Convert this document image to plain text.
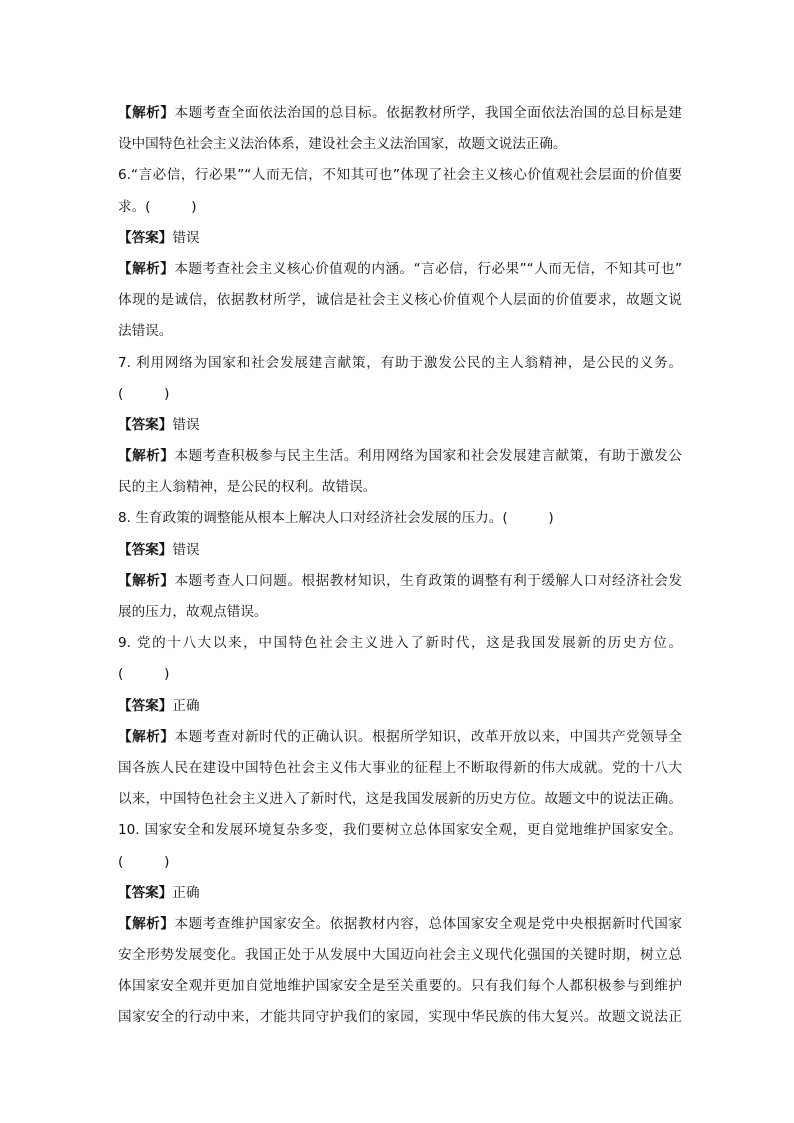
【解析】本题考查全面依法治国的总目标。依据教材所学，我国全面依法治国的总目标是建
设中国特色社会主义法治体系，建设社会主义法治国家，故题文说法正确。
6.“言必信，行必果”“人而无信，不知其可也”体现了社会主义核心价值观社会层面的价值要
求。(　　　)
【答案】错误
【解析】本题考查社会主义核心价值观的内涵。“言必信，行必果”“人而无信，不知其可也”
体现的是诚信，依据教材所学，诚信是社会主义核心价值观个人层面的价值要求，故题文说
法错误。
7. 利用网络为国家和社会发展建言献策，有助于激发公民的主人翁精神，是公民的义务。
(　　　)
【答案】错误
【解析】本题考查积极参与民主生活。利用网络为国家和社会发展建言献策，有助于激发公
民的主人翁精神，是公民的权利。故错误。
8. 生育政策的调整能从根本上解决人口对经济社会发展的压力。(　　　)
【答案】错误
【解析】本题考查人口问题。根据教材知识，生育政策的调整有利于缓解人口对经济社会发
展的压力，故观点错误。
9. 党的十八大以来，中国特色社会主义进入了新时代，这是我国发展新的历史方位。
(　　　)
【答案】正确
【解析】本题考查对新时代的正确认识。根据所学知识，改革开放以来，中国共产党领导全
国各族人民在建设中国特色社会主义伟大事业的征程上不断取得新的伟大成就。党的十八大
以来，中国特色社会主义进入了新时代，这是我国发展新的历史方位。故题文中的说法正确。
10. 国家安全和发展环境复杂多变，我们要树立总体国家安全观，更自觉地维护国家安全。
(　　　)
【答案】正确
【解析】本题考查维护国家安全。依据教材内容，总体国家安全观是党中央根据新时代国家
安全形势发展变化。我国正处于从发展中大国迈向社会主义现代化强国的关键时期，树立总
体国家安全观并更加自觉地维护国家安全是至关重要的。只有我们每个人都积极参与到维护
国家安全的行动中来，才能共同守护我们的家园，实现中华民族的伟大复兴。故题文说法正
